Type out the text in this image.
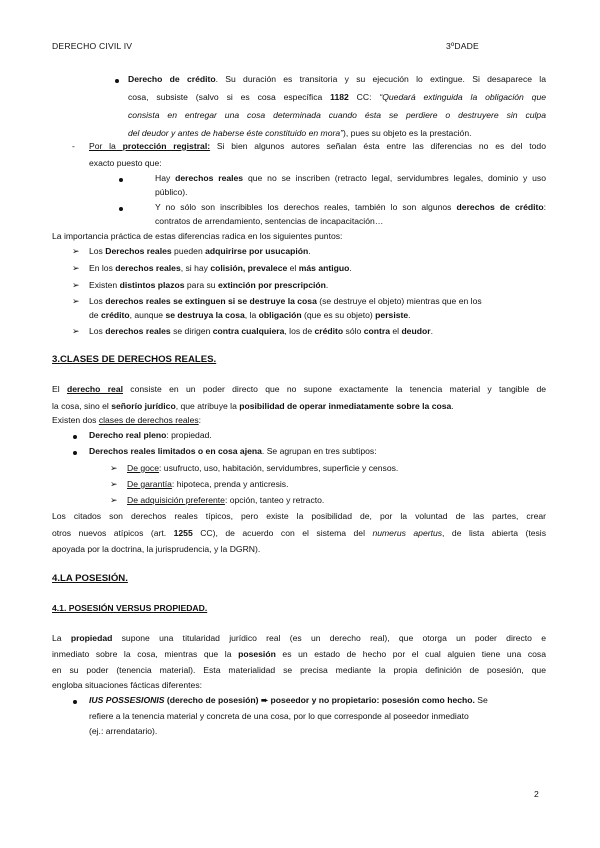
DERECHO CIVIL IV	3ºDADE
Derecho de crédito. Su duración es transitoria y su ejecución lo extingue. Si desaparece la
cosa, subsiste (salvo si es cosa específica 1182 CC: “Quedará extinguida la obligación que
consista en entregar una cosa determinada cuando ésta se perdiere o destruyere sin culpa
del deudor y antes de haberse éste constituido en mora”), pues su objeto es la prestación.
- Por la protección registral: Si bien algunos autores señalan ésta entre las diferencias no es del todo
exacto puesto que:
Hay derechos reales que no se inscriben (retracto legal, servidumbres legales, dominio y uso
público).
Y no sólo son inscribibles los derechos reales, también lo son algunos derechos de crédito:
contratos de arrendamiento, sentencias de incapacitación…
La importancia práctica de estas diferencias radica en los siguientes puntos:
➢ Los Derechos reales pueden adquirirse por usucapión.
➢ En los derechos reales, si hay colisión, prevalece el más antiguo.
➢ Existen distintos plazos para su extinción por prescripción.
➢ Los derechos reales se extinguen si se destruye la cosa (se destruye el objeto) mientras que en los
de crédito, aunque se destruya la cosa, la obligación (que es su objeto) persiste.
➢ Los derechos reales se dirigen contra cualquiera, los de crédito sólo contra el deudor.
3.CLASES DE DERECHOS REALES.
El derecho real consiste en un poder directo que no supone exactamente la tenencia material y tangible de
la cosa, sino el señorío jurídico, que atribuye la posibilidad de operar inmediatamente sobre la cosa.
Existen dos clases de derechos reales:
Derecho real pleno: propiedad.
Derechos reales limitados o en cosa ajena. Se agrupan en tres subtipos:
➢ De goce: usufructo, uso, habitación, servidumbres, superficie y censos.
➢ De garantía: hipoteca, prenda y anticresis.
➢ De adquisición preferente: opción, tanteo y retracto.
Los citados son derechos reales típicos, pero existe la posibilidad de, por la voluntad de las partes, crear
otros nuevos atípicos (art. 1255 CC), de acuerdo con el sistema del numerus apertus, de lista abierta (tesis
apoyada por la doctrina, la jurisprudencia, y la DGRN).
4.LA POSESIÓN.
4.1. POSESIÓN VERSUS PROPIEDAD.
La propiedad supone una titularidad jurídico real (es un derecho real), que otorga un poder directo e
inmediato sobre la cosa, mientras que la posesión es un estado de hecho por el cual alguien tiene una cosa
en su poder (tenencia material). Esta materialidad se precisa mediante la propia definición de posesión, que
engloba situaciones fácticas diferentes:
IUS POSSESIONIS (derecho de posesión) ➨ poseedor y no propietario: posesión como hecho. Se
refiere a la tenencia material y concreta de una cosa, por lo que corresponde al poseedor inmediato
(ej.: arrendatario).
2
